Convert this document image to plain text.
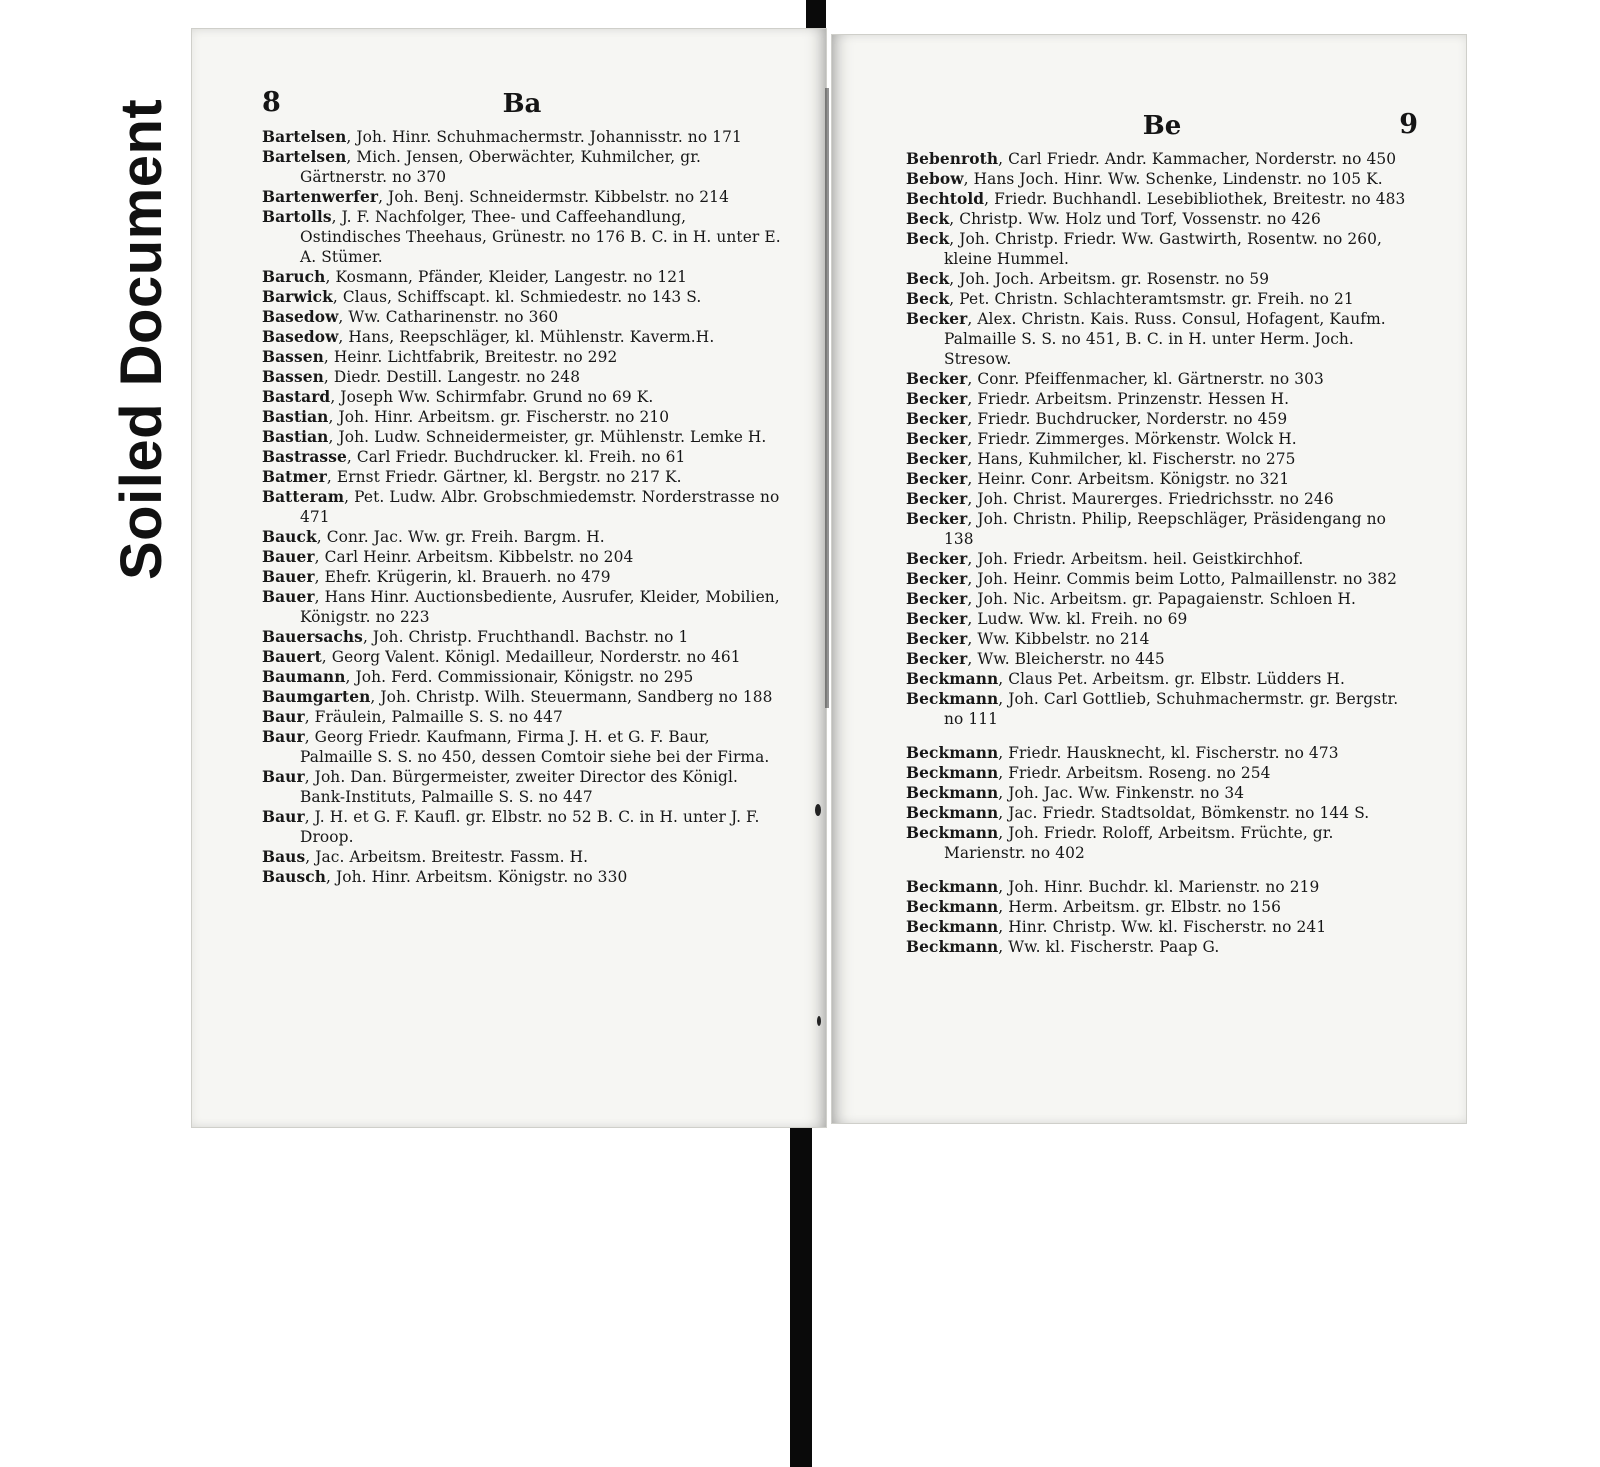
Soiled Document	8	Ba
Bartelsen, Joh. Hinr. Schuhmachermstr. Johannisstr. no 171
Bartelsen, Mich. Jensen, Oberwächter, Kuhmilcher, gr. Gärtnerstr. no 370
Bartenwerfer, Joh. Benj. Schneidermstr. Kibbelstr. no 214
Bartolls, J. F. Nachfolger, Thee- und Caffeehandlung, Ostindisches Theehaus, Grünestr. no 176 B. C. in H. unter E. A. Stümer.
Baruch, Kosmann, Pfänder, Kleider, Langestr. no 121
Barwick, Claus, Schiffscapt. kl. Schmiedestr. no 143 S.
Basedow, Ww. Catharinenstr. no 360
Basedow, Hans, Reepschläger, kl. Mühlenstr. Kaverm.H.
Bassen, Heinr. Lichtfabrik, Breitestr. no 292
Bassen, Diedr. Destill. Langestr. no 248
Bastard, Joseph Ww. Schirmfabr. Grund no 69 K.
Bastian, Joh. Hinr. Arbeitsm. gr. Fischerstr. no 210
Bastian, Joh. Ludw. Schneidermeister, gr. Mühlenstr. Lemke H.
Bastrasse, Carl Friedr. Buchdrucker. kl. Freih. no 61
Batmer, Ernst Friedr. Gärtner, kl. Bergstr. no 217 K.
Batteram, Pet. Ludw. Albr. Grobschmiedemstr. Norderstrasse no 471
Bauck, Conr. Jac. Ww. gr. Freih. Bargm. H.
Bauer, Carl Heinr. Arbeitsm. Kibbelstr. no 204
Bauer, Ehefr. Krügerin, kl. Brauerh. no 479
Bauer, Hans Hinr. Auctionsbediente, Ausrufer, Kleider, Mobilien, Königstr. no 223
Bauersachs, Joh. Christp. Fruchthandl. Bachstr. no 1
Bauert, Georg Valent. Königl. Medailleur, Norderstr. no 461
Baumann, Joh. Ferd. Commissionair, Königstr. no 295
Baumgarten, Joh. Christp. Wilh. Steuermann, Sandberg no 188
Baur, Fräulein, Palmaille S. S. no 447
Baur, Georg Friedr. Kaufmann, Firma J. H. et G. F. Baur, Palmaille S. S. no 450, dessen Comtoir siehe bei der Firma.
Baur, Joh. Dan. Bürgermeister, zweiter Director des Königl. Bank-Instituts, Palmaille S. S. no 447
Baur, J. H. et G. F. Kaufl. gr. Elbstr. no 52 B. C. in H. unter J. F. Droop.
Baus, Jac. Arbeitsm. Breitestr. Fassm. H.
Bausch, Joh. Hinr. Arbeitsm. Königstr. no 330
Be	9
Bebenroth, Carl Friedr. Andr. Kammacher, Norderstr. no 450
Bebow, Hans Joch. Hinr. Ww. Schenke, Lindenstr. no 105 K.
Bechtold, Friedr. Buchhandl. Lesebibliothek, Breitestr. no 483
Beck, Christp. Ww. Holz und Torf, Vossenstr. no 426
Beck, Joh. Christp. Friedr. Ww. Gastwirth, Rosentw. no 260, kleine Hummel.
Beck, Joh. Joch. Arbeitsm. gr. Rosenstr. no 59
Beck, Pet. Christn. Schlachteramtsmstr. gr. Freih. no 21
Becker, Alex. Christn. Kais. Russ. Consul, Hofagent, Kaufm. Palmaille S. S. no 451, B. C. in H. unter Herm. Joch. Stresow.
Becker, Conr. Pfeiffenmacher, kl. Gärtnerstr. no 303
Becker, Friedr. Arbeitsm. Prinzenstr. Hessen H.
Becker, Friedr. Buchdrucker, Norderstr. no 459
Becker, Friedr. Zimmerges. Mörkenstr. Wolck H.
Becker, Hans, Kuhmilcher, kl. Fischerstr. no 275
Becker, Heinr. Conr. Arbeitsm. Königstr. no 321
Becker, Joh. Christ. Maurerges. Friedrichsstr. no 246
Becker, Joh. Christn. Philip, Reepschläger, Präsidengang no 138
Becker, Joh. Friedr. Arbeitsm. heil. Geistkirchhof.
Becker, Joh. Heinr. Commis beim Lotto, Palmaillenstr. no 382
Becker, Joh. Nic. Arbeitsm. gr. Papagaienstr. Schloen H.
Becker, Ludw. Ww. kl. Freih. no 69
Becker, Ww. Kibbelstr. no 214
Becker, Ww. Bleicherstr. no 445
Beckmann, Claus Pet. Arbeitsm. gr. Elbstr. Lüdders H.
Beckmann, Joh. Carl Gottlieb, Schuhmachermstr. gr. Bergstr. no 111
Beckmann, Friedr. Hausknecht, kl. Fischerstr. no 473
Beckmann, Friedr. Arbeitsm. Roseng. no 254
Beckmann, Joh. Jac. Ww. Finkenstr. no 34
Beckmann, Jac. Friedr. Stadtsoldat, Bömkenstr. no 144 S.
Beckmann, Joh. Friedr. Roloff, Arbeitsm. Früchte, gr. Marienstr. no 402
Beckmann, Joh. Hinr. Buchdr. kl. Marienstr. no 219
Beckmann, Herm. Arbeitsm. gr. Elbstr. no 156
Beckmann, Hinr. Christp. Ww. kl. Fischerstr. no 241
Beckmann, Ww. kl. Fischerstr. Paap G.
